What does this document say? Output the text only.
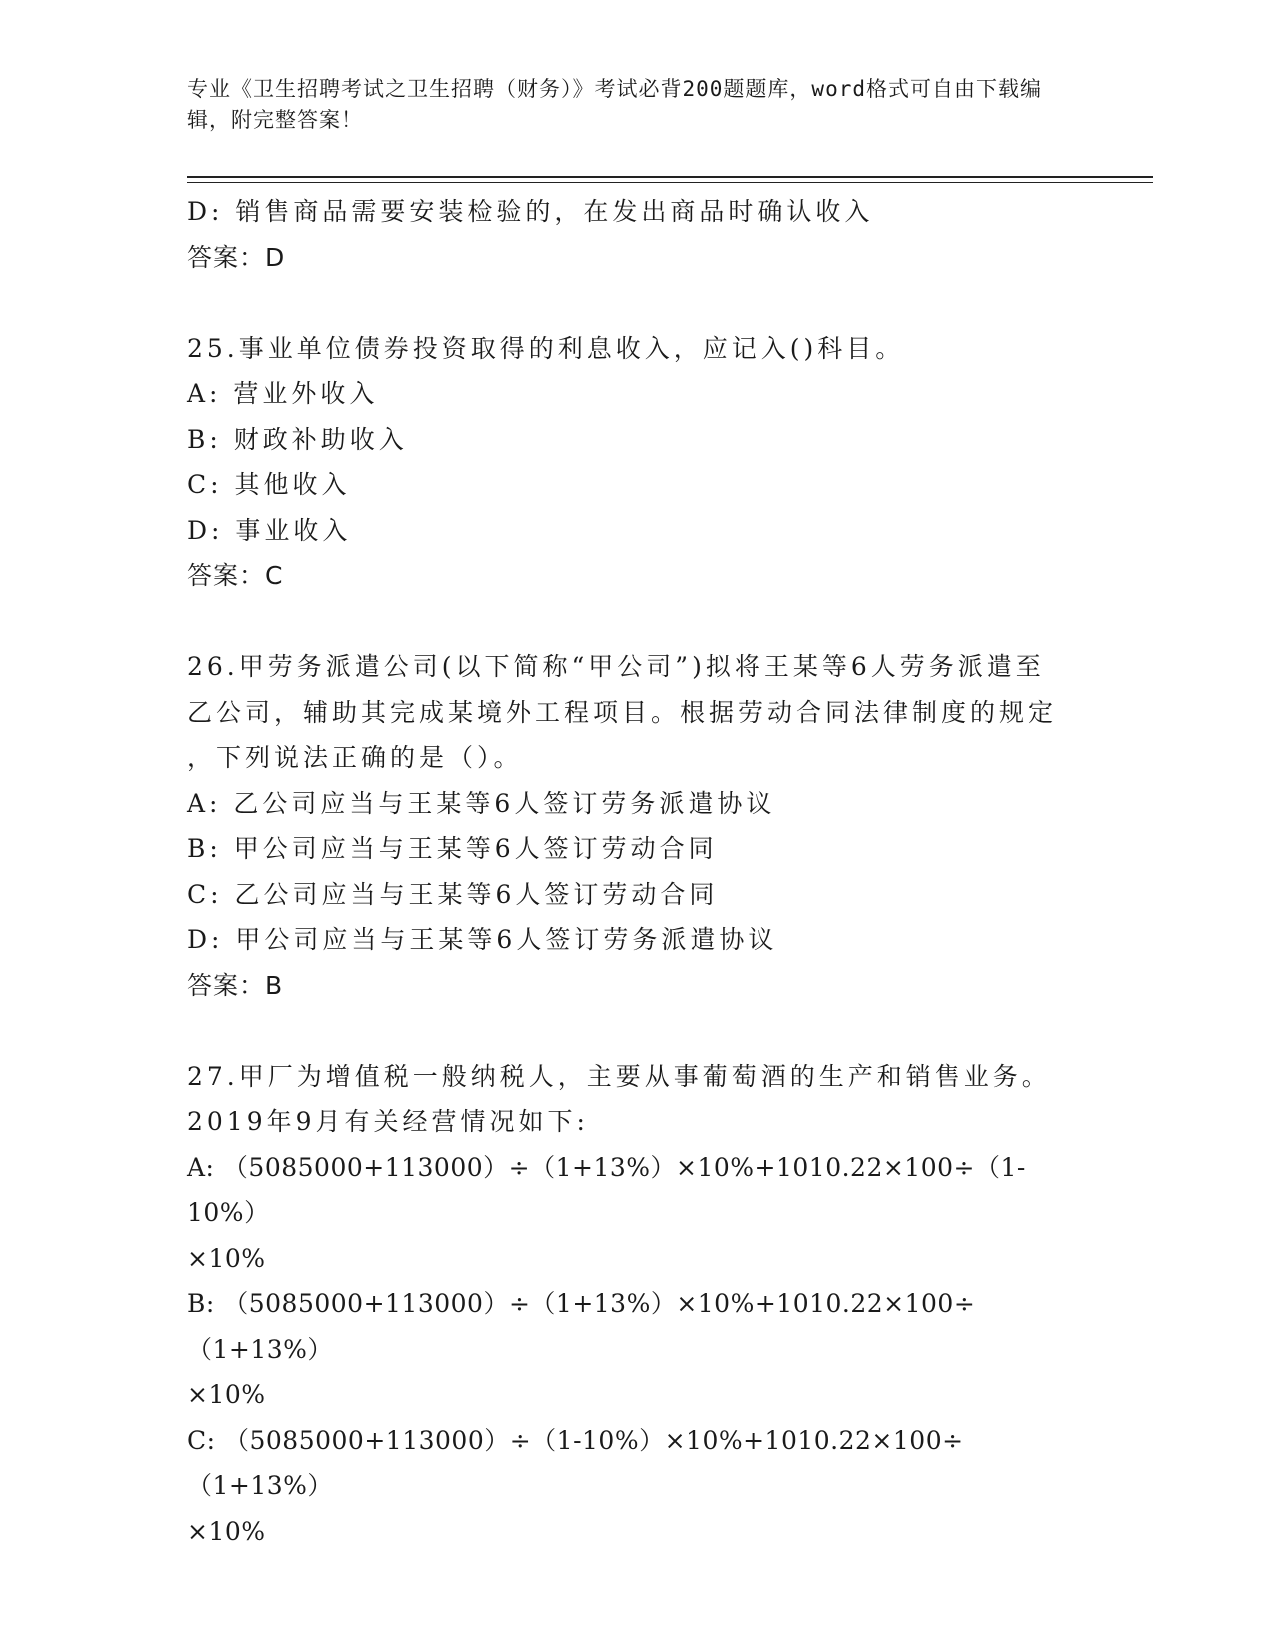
专业《卫生招聘考试之卫生招聘（财务）》考试必背200题题库，word格式可自由下载编辑，附完整答案！
D: 销售商品需要安装检验的，在发出商品时确认收入
答案：D
25.事业单位债券投资取得的利息收入，应记入()科目。
A: 营业外收入
B: 财政补助收入
C: 其他收入
D: 事业收入
答案：C
26.甲劳务派遣公司(以下简称“甲公司”)拟将王某等6人劳务派遣至
乙公司，辅助其完成某境外工程项目。根据劳动合同法律制度的规定
，下列说法正确的是（）。
A: 乙公司应当与王某等6人签订劳务派遣协议
B: 甲公司应当与王某等6人签订劳动合同
C: 乙公司应当与王某等6人签订劳动合同
D: 甲公司应当与王某等6人签订劳务派遣协议
答案：B
27.甲厂为增值税一般纳税人，主要从事葡萄酒的生产和销售业务。
2019年9月有关经营情况如下:
A: （5085000+113000）÷（1+13%）×10%+1010.22×100÷（1-10%）
×10%
B: （5085000+113000）÷（1+13%）×10%+1010.22×100÷（1+13%）
×10%
C: （5085000+113000）÷（1-10%）×10%+1010.22×100÷（1+13%）
×10%
